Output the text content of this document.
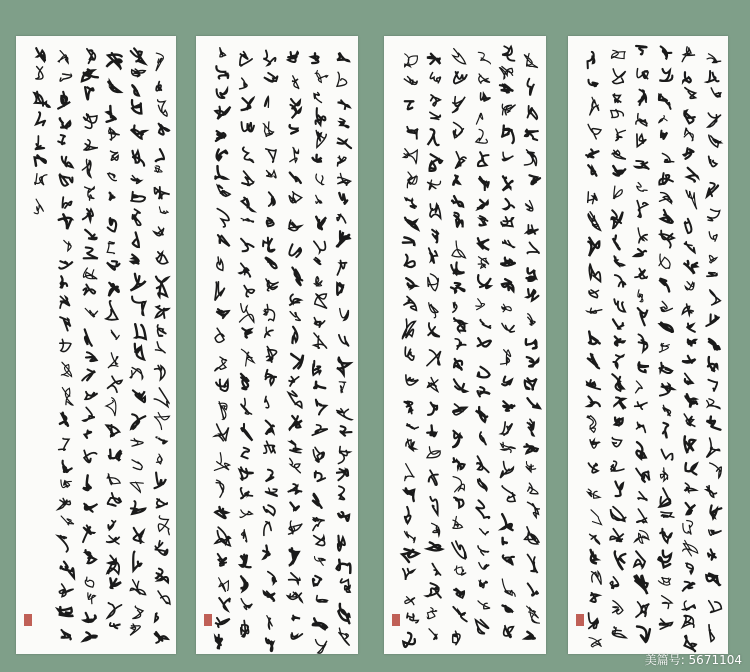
美篇号: 5671104
